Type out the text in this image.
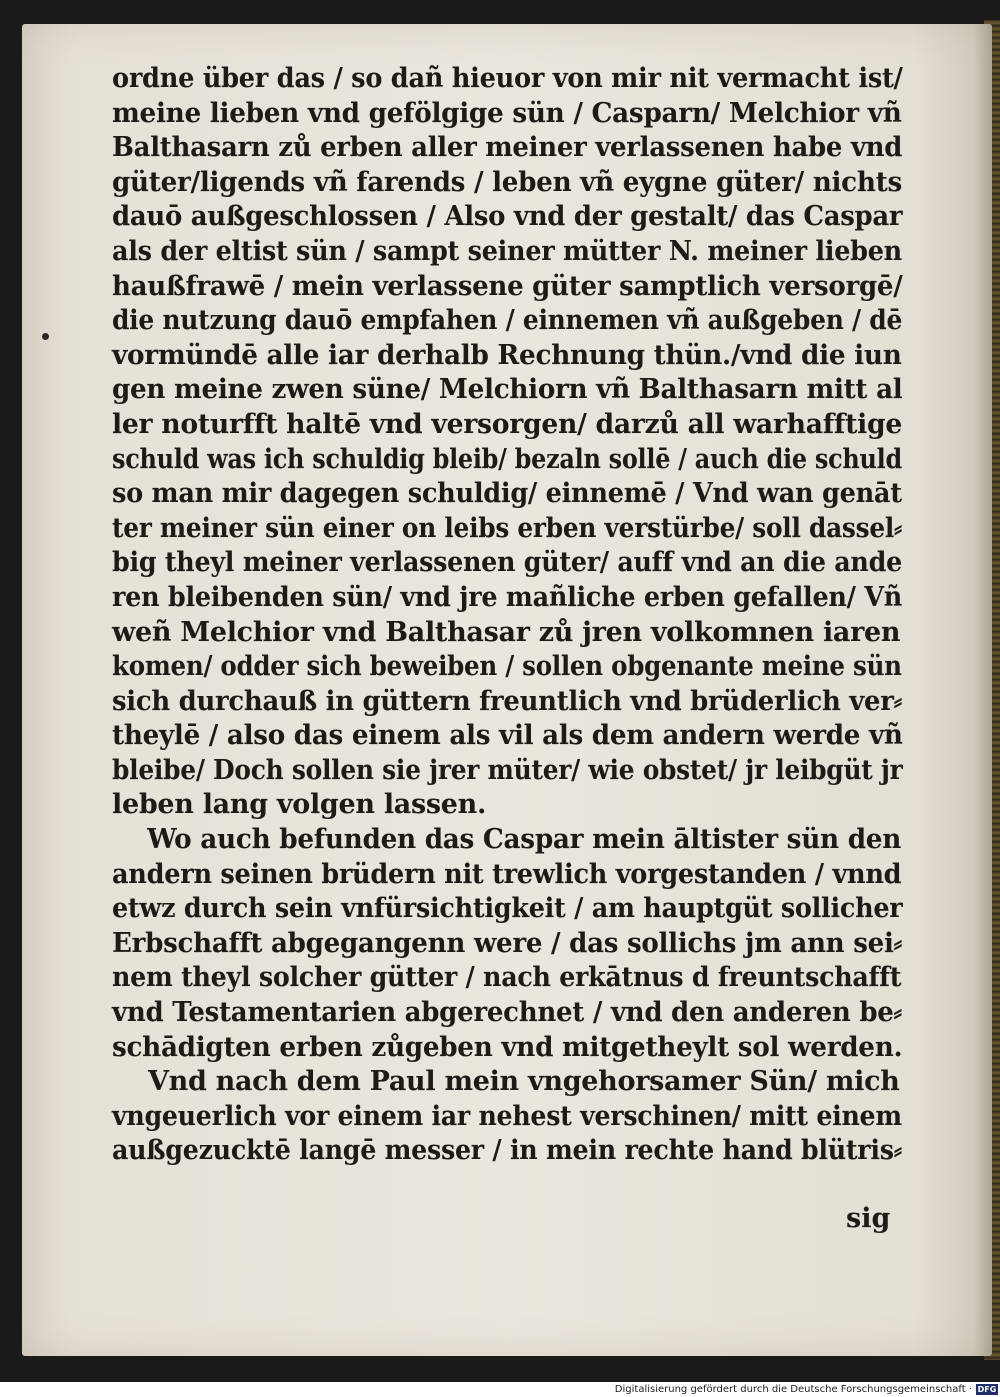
ordne über das / so dañ hieuor von mir nit vermacht ist/
meine lieben vnd gefölgige sün / Casparn/ Melchior vñ
Balthasarn zů erben aller meiner verlassenen habe vnd
güter/ligends vñ farends / leben vñ eygne güter/ nichts
dauō außgeschlossen / Also vnd der gestalt/ das Caspar
als der eltist sün / sampt seiner mütter N. meiner lieben
haußfrawē / mein verlassene güter samptlich versorgē/
die nutzung dauō empfahen / einnemen vñ außgeben / dē
vormündē alle iar derhalb Rechnung thün./vnd die iun
gen meine zwen süne/ Melchiorn vñ Balthasarn mitt al
ler noturfft haltē vnd versorgen/ darzů all warhafftige
schuld was ich schuldig bleib/ bezaln sollē / auch die schuld
so man mir dagegen schuldig/ einnemē / Vnd wan genāt
ter meiner sün einer on leibs erben verstürbe/ soll dassel⸗
big theyl meiner verlassenen güter/ auff vnd an die ande
ren bleibenden sün/ vnd jre mañliche erben gefallen/ Vñ
weñ Melchior vnd Balthasar zů jren volkomnen iaren
komen/ odder sich beweiben / sollen obgenante meine sün
sich durchauß in güttern freuntlich vnd brüderlich ver⸗
theylē / also das einem als vil als dem andern werde vñ
bleibe/ Doch sollen sie jrer müter/ wie obstet/ jr leibgüt jr
leben lang volgen lassen.
Wo auch befunden das Caspar mein āltister sün den
andern seinen brüdern nit trewlich vorgestanden / vnnd
etwz durch sein vnfürsichtigkeit / am hauptgüt sollicher
Erbschafft abgegangenn were / das sollichs jm ann sei⸗
nem theyl solcher gütter / nach erkātnus d freuntschafft
vnd Testamentarien abgerechnet / vnd den anderen be⸗
schādigten erben zůgeben vnd mitgetheylt sol werden.
Vnd nach dem Paul mein vngehorsamer Sün/ mich
vngeuerlich vor einem iar nehest verschinen/ mitt einem
außgezucktē langē messer / in mein rechte hand blütris⸗
sig
Digitalisierung gefördert durch die Deutsche Forschungsgemeinschaft · DFG
